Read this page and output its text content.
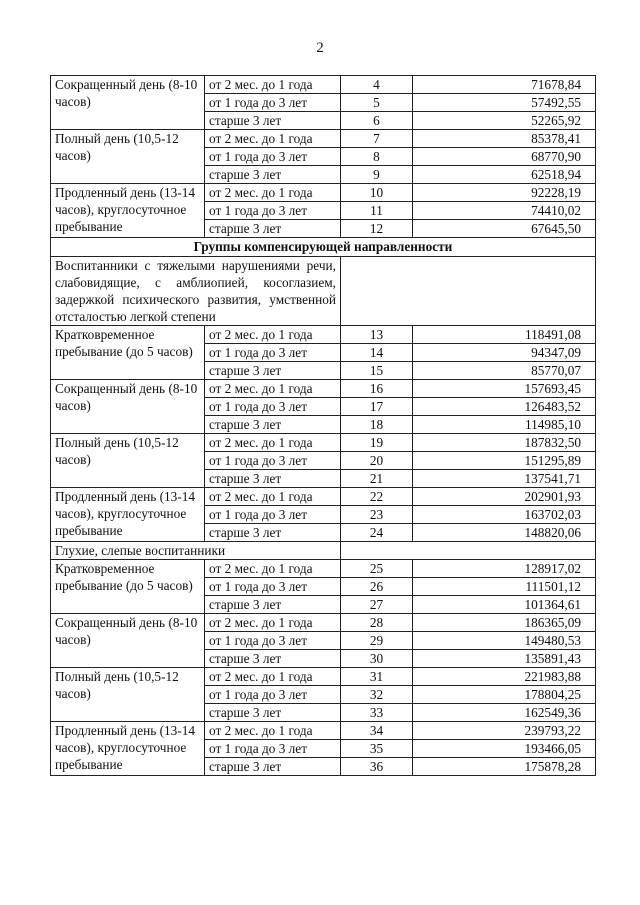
2
Сокращенный день (8-10 часов)	от 2 мес. до 1 года	4	71678,84
	от 1 года до 3 лет	5	57492,55
	старше 3 лет	6	52265,92
Полный день (10,5-12 часов)	от 2 мес. до 1 года	7	85378,41
	от 1 года до 3 лет	8	68770,90
	старше 3 лет	9	62518,94
Продленный день (13-14 часов), круглосуточное пребывание	от 2 мес. до 1 года	10	92228,19
	от 1 года до 3 лет	11	74410,02
	старше 3 лет	12	67645,50
Группы компенсирующей направленности			
Воспитанники с тяжелыми нарушениями речи, слабовидящие, с амблиопией, косоглазием, задержкой психического развития, умственной отсталостью легкой степени			
Кратковременное пребывание (до 5 часов)	от 2 мес. до 1 года	13	118491,08
	от 1 года до 3 лет	14	94347,09
	старше 3 лет	15	85770,07
Сокращенный день (8-10 часов)	от 2 мес. до 1 года	16	157693,45
	от 1 года до 3 лет	17	126483,52
	старше 3 лет	18	114985,10
Полный день (10,5-12 часов)	от 2 мес. до 1 года	19	187832,50
	от 1 года до 3 лет	20	151295,89
	старше 3 лет	21	137541,71
Продленный день (13-14 часов), круглосуточное пребывание	от 2 мес. до 1 года	22	202901,93
	от 1 года до 3 лет	23	163702,03
	старше 3 лет	24	148820,06
Глухие, слепые воспитанники			
Кратковременное пребывание (до 5 часов)	от 2 мес. до 1 года	25	128917,02
	от 1 года до 3 лет	26	111501,12
	старше 3 лет	27	101364,61
Сокращенный день (8-10 часов)	от 2 мес. до 1 года	28	186365,09
	от 1 года до 3 лет	29	149480,53
	старше 3 лет	30	135891,43
Полный день (10,5-12 часов)	от 2 мес. до 1 года	31	221983,88
	от 1 года до 3 лет	32	178804,25
	старше 3 лет	33	162549,36
Продленный день (13-14 часов), круглосуточное пребывание	от 2 мес. до 1 года	34	239793,22
	от 1 года до 3 лет	35	193466,05
	старше 3 лет	36	175878,28
